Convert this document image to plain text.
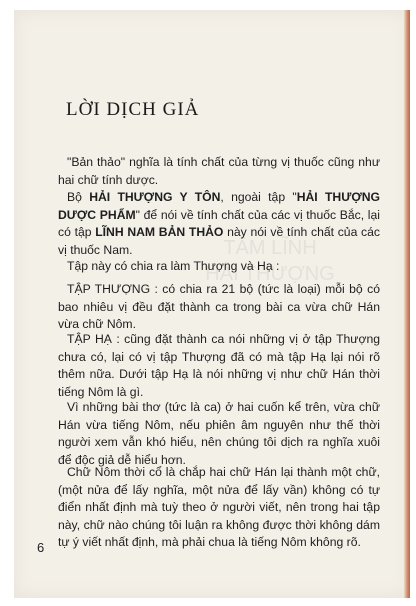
LỜI DỊCH GIẢ
"Bản thảo" nghĩa là tính chất của từng vị thuốc cũng như hai chữ tính dược.
Bộ HẢI THƯỢNG Y TÔN, ngoài tập "HẢI THƯỢNG DƯỢC PHẨM" để nói về tính chất của các vị thuốc Bắc, lại có tập LĨNH NAM BẢN THẢO này nói về tính chất của các vị thuốc Nam.
Tập này có chia ra làm Thượng và Hạ :
TẬP THƯỢNG : có chia ra 21 bộ (tức là loại) mỗi bộ có bao nhiêu vị đều đặt thành ca trong bài ca vừa chữ Hán vừa chữ Nôm.
TẬP HẠ : cũng đặt thành ca nói những vị ở tập Thượng chưa có, lại có vị tập Thượng đã có mà tập Hạ lại nói rõ thêm nữa. Dưới tập Hạ là nói những vị như chữ Hán thời tiếng Nôm là gì.
Vì những bài thơ (tức là ca) ở hai cuốn kể trên, vừa chữ Hán vừa tiếng Nôm, nếu phiên âm nguyên như thế thời người xem vẫn khó hiểu, nên chúng tôi dịch ra nghĩa xuôi để độc giả dễ hiểu hơn.
Chữ Nôm thời cổ là chắp hai chữ Hán lại thành một chữ, (một nửa để lấy nghĩa, một nửa để lấy vần) không có tự điển nhất định mà tuỳ theo ở người viết, nên trong hai tập này, chữ nào chúng tôi luận ra không được thời không dám tự ý viết nhất định, mà phải chua là tiếng Nôm không rõ.
6
